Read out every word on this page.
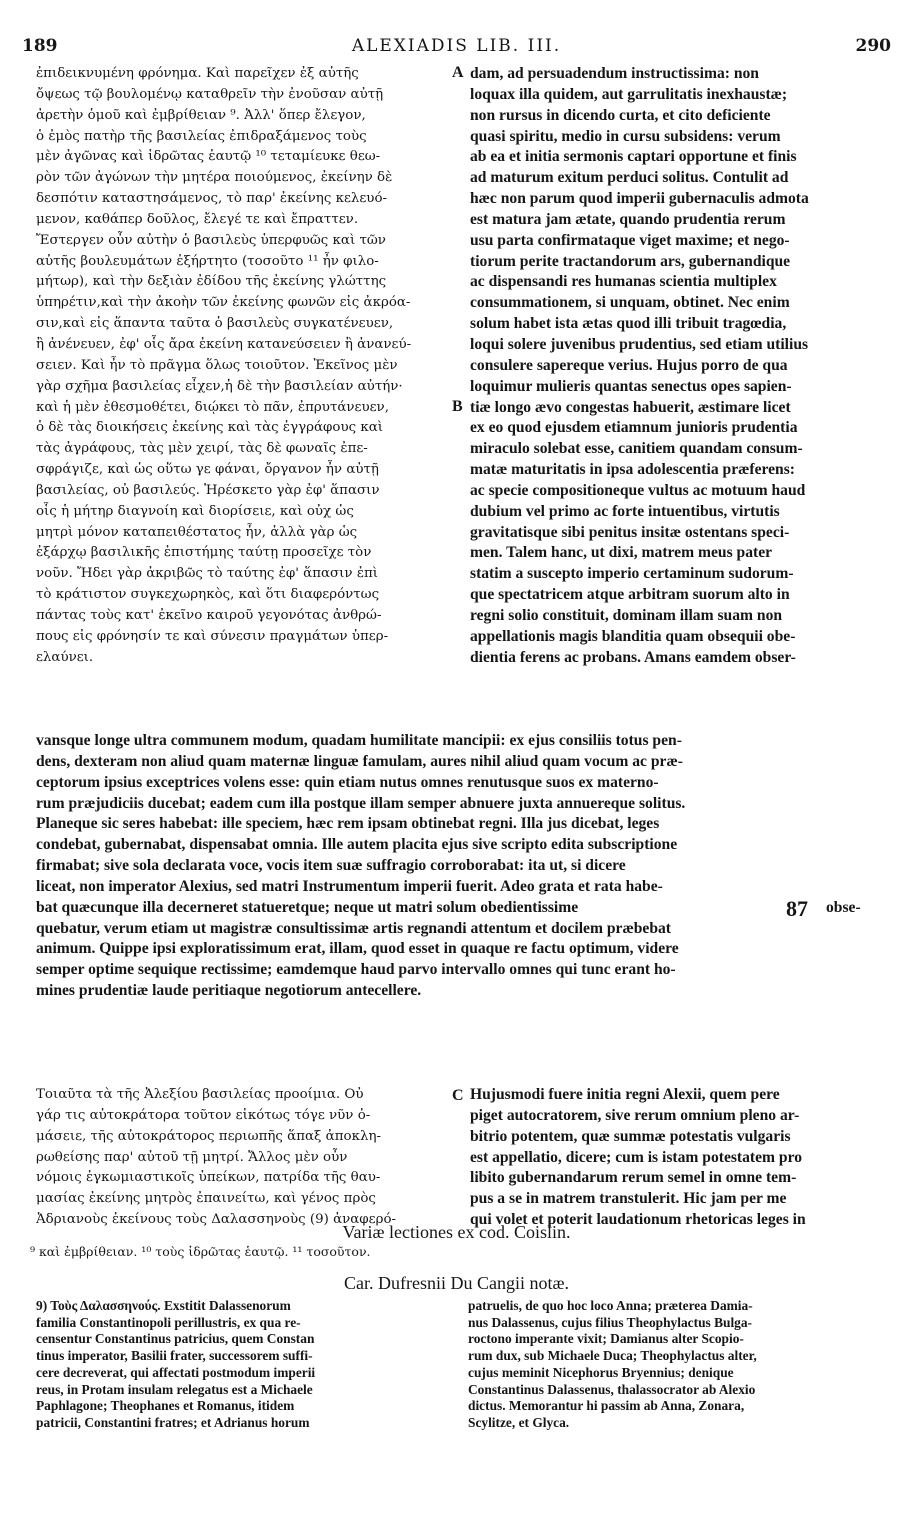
189	ALEXIADIS LIB. III.	290
ἐπιδεικνυμένη φρόνημα. Καὶ παρεῖχεν ἐξ αὐτῆς
ὄψεως τῷ βουλομένῳ καταθρεῖν τὴν ἐνοῦσαν αὐτῇ
ἀρετὴν ὁμοῦ καὶ ἐμβρίθειαν ⁹. Ἀλλ' ὅπερ ἔλεγον,
ὁ ἐμὸς πατὴρ τῆς βασιλείας ἐπιδραξάμενος τοὺς
μὲν ἀγῶνας καὶ ἱδρῶτας ἑαυτῷ ¹⁰ τεταμίευκε θεω-
ρὸν τῶν ἀγώνων τὴν μητέρα ποιούμενος, ἐκείνην δὲ
δεσπότιν καταστησάμενος, τὸ παρ' ἐκείνης κελευό-
μενον, καθάπερ δοῦλος, ἔλεγέ τε καὶ ἔπραττεν.
Ἔστεργεν οὖν αὐτὴν ὁ βασιλεὺς ὑπερφυῶς καὶ τῶν
αὐτῆς βουλευμάτων ἐξήρτητο (τοσοῦτο ¹¹ ἦν φιλο-
μήτωρ), καὶ τὴν δεξιὰν ἐδίδου τῆς ἐκείνης γλώττης
ὑπηρέτιν,καὶ τὴν ἀκοὴν τῶν ἐκείνης φωνῶν εἰς ἀκρόα-
σιν,καὶ εἰς ἅπαντα ταῦτα ὁ βασιλεὺς συγκατένευεν,
ἢ ἀνένευεν, ἐφ' οἷς ἄρα ἐκείνη κατανεύσειεν ἢ ἀνανεύ-
σειεν. Καὶ ἦν τὸ πρᾶγμα ὅλως τοιοῦτον. Ἐκεῖνος μὲν
γὰρ σχῆμα βασιλείας εἶχεν,ἡ δὲ τὴν βασιλείαν αὐτήν·
καὶ ἡ μὲν ἐθεσμοθέτει, διῴκει τὸ πᾶν, ἐπρυτάνευεν,
ὁ δὲ τὰς διοικήσεις ἐκείνης καὶ τὰς ἐγγράφους καὶ
τὰς ἀγράφους, τὰς μὲν χειρί, τὰς δὲ φωναῖς ἐπε-
σφράγιζε, καὶ ὡς οὕτω γε φάναι, ὄργανον ἦν αὐτῇ
βασιλείας, οὐ βασιλεύς. Ἠρέσκετο γὰρ ἐφ' ἅπασιν
οἷς ἡ μήτηρ διαγνοίη καὶ διορίσειε, καὶ οὐχ ὡς
μητρὶ μόνον καταπειθέστατος ἦν, ἀλλὰ γὰρ ὡς
ἐξάρχῳ βασιλικῆς ἐπιστήμης ταύτῃ προσεῖχε τὸν
νοῦν. Ἤδει γὰρ ἀκριβῶς τὸ ταύτης ἐφ' ἅπασιν ἐπὶ
τὸ κράτιστον συγκεχωρηκὸς, καὶ ὅτι διαφερόντως
πάντας τοὺς κατ' ἐκεῖνο καιροῦ γεγονότας ἀνθρώ-
πους εἰς φρόνησίν τε καὶ σύνεσιν πραγμάτων ὑπερ-
ελαύνει.
dam, ad persuadendum instructissima: non
loquax illa quidem, aut garrulitatis inexhaustæ;
non rursus in dicendo curta, et cito deficiente
quasi spiritu, medio in cursu subsidens: verum
ab ea et initia sermonis captari opportune et finis
ad maturum exitum perduci solitus. Contulit ad
hæc non parum quod imperii gubernaculis admota
est matura jam ætate, quando prudentia rerum
usu parta confirmataque viget maxime; et nego-
tiorum perite tractandorum ars, gubernandique
ac dispensandi res humanas scientia multiplex
consummationem, si unquam, obtinet. Nec enim
solum habet ista ætas quod illi tribuit tragœdia,
loqui solere juvenibus prudentius, sed etiam utilius
consulere sapereque verius. Hujus porro de qua
loquimur mulieris quantas senectus opes sapien-
tiæ longo ævo congestas habuerit, æstimare licet
ex eo quod ejusdem etiamnum junioris prudentia
miraculo solebat esse, canitiem quandam consum-
matæ maturitatis in ipsa adolescentia præferens:
ac specie compositioneque vultus ac motuum haud
dubium vel primo ac forte intuentibus, virtutis
gravitatisque sibi penitus insitæ ostentans speci-
men. Talem hanc, ut dixi, matrem meus pater
statim a suscepto imperio certaminum sudorum-
que spectatricem atque arbitram suorum alto in
regni solio constituit, dominam illam suam non
appellationis magis blanditia quam obsequii obe-
dientia ferens ac probans. Amans eamdem obser-
A
B
vansque longe ultra communem modum, quadam humilitate mancipii: ex ejus consiliis totus pen-
dens, dexteram non aliud quam maternæ linguæ famulam, aures nihil aliud quam vocum ac præ-
ceptorum ipsius exceptrices volens esse: quin etiam nutus omnes renutusque suos ex materno-
rum præjudiciis ducebat; eadem cum illa postque illam semper abnuere juxta annuereque solitus.
Planeque sic seres habebat: ille speciem, hæc rem ipsam obtinebat regni. Illa jus dicebat, leges
condebat, gubernabat, dispensabat omnia. Ille autem placita ejus sive scripto edita subscriptione
firmabat; sive sola declarata voce, vocis item suæ suffragio corroborabat: ita ut, si dicere
liceat, non imperator Alexius, sed matri Instrumentum imperii fuerit. Adeo grata et rata habe-
bat quæcunque illa decerneret statueretque; neque ut matri solum obedientissime
quebatur, verum etiam ut magistræ consultissimæ artis regnandi attentum et docilem præbebat
animum. Quippe ipsi exploratissimum erat, illam, quod esset in quaque re factu optimum, videre
semper optime sequique rectissime; eamdemque haud parvo intervallo omnes qui tunc erant ho-
mines prudentiæ laude peritiaque negotiorum antecellere.
87 obse-
Τοιαῦτα τὰ τῆς Ἀλεξίου βασιλείας προοίμια. Οὐ
γάρ τις αὐτοκράτορα τοῦτον εἰκότως τόγε νῦν ὀ-
μάσειε, τῆς αὐτοκράτορος περιωπῆς ἅπαξ ἀποκλη-
ρωθείσης παρ' αὐτοῦ τῇ μητρί. Ἄλλος μὲν οὖν
νόμοις ἐγκωμιαστικοῖς ὑπείκων, πατρίδα τῆς θαυ-
μασίας ἐκείνης μητρὸς ἐπαινείτω, καὶ γένος πρὸς
Ἀδριανοὺς ἐκείνους τοὺς Δαλασσηνοὺς (9) ἀναφερό-
C Hujusmodi fuere initia regni Alexii, quem pere
piget autocratorem, sive rerum omnium pleno ar-
bitrio potentem, quæ summæ potestatis vulgaris
est appellatio, dicere; cum is istam potestatem pro
libito gubernandarum rerum semel in omne tem-
pus a se in matrem transtulerit. Hic jam per me
qui volet et poterit laudationum rhetoricas leges in
Variæ lectiones ex cod. Coislin.
⁹ καὶ ἐμβρίθειαν. ¹⁰ τοὺς ἱδρῶτας ἑαυτῷ. ¹¹ τοσοῦτον.
Car. Dufresnii Du Cangii notæ.
9) Τοὺς Δαλασσηνούς. Exstitit Dalassenorum
familia Constantinopoli perillustris, ex qua re-
censentur Constantinus patricius, quem Constan
tinus imperator, Basilii frater, successorem suffi-
cere decreverat, qui affectati postmodum imperii
reus, in Protam insulam relegatus est a Michaele
Paphlagone; Theophanes et Romanus, itidem
patricii, Constantini fratres; et Adrianus horum
patruelis, de quo hoc loco Anna; præterea Damia-
nus Dalassenus, cujus filius Theophylactus Bulga-
roctono imperante vixit; Damianus alter Scopio-
rum dux, sub Michaele Duca; Theophylactus alter,
cujus meminit Nicephorus Bryennius; denique
Constantinus Dalassenus, thalassocrator ab Alexio
dictus. Memorantur hi passim ab Anna, Zonara,
Scylitze, et Glyca.
